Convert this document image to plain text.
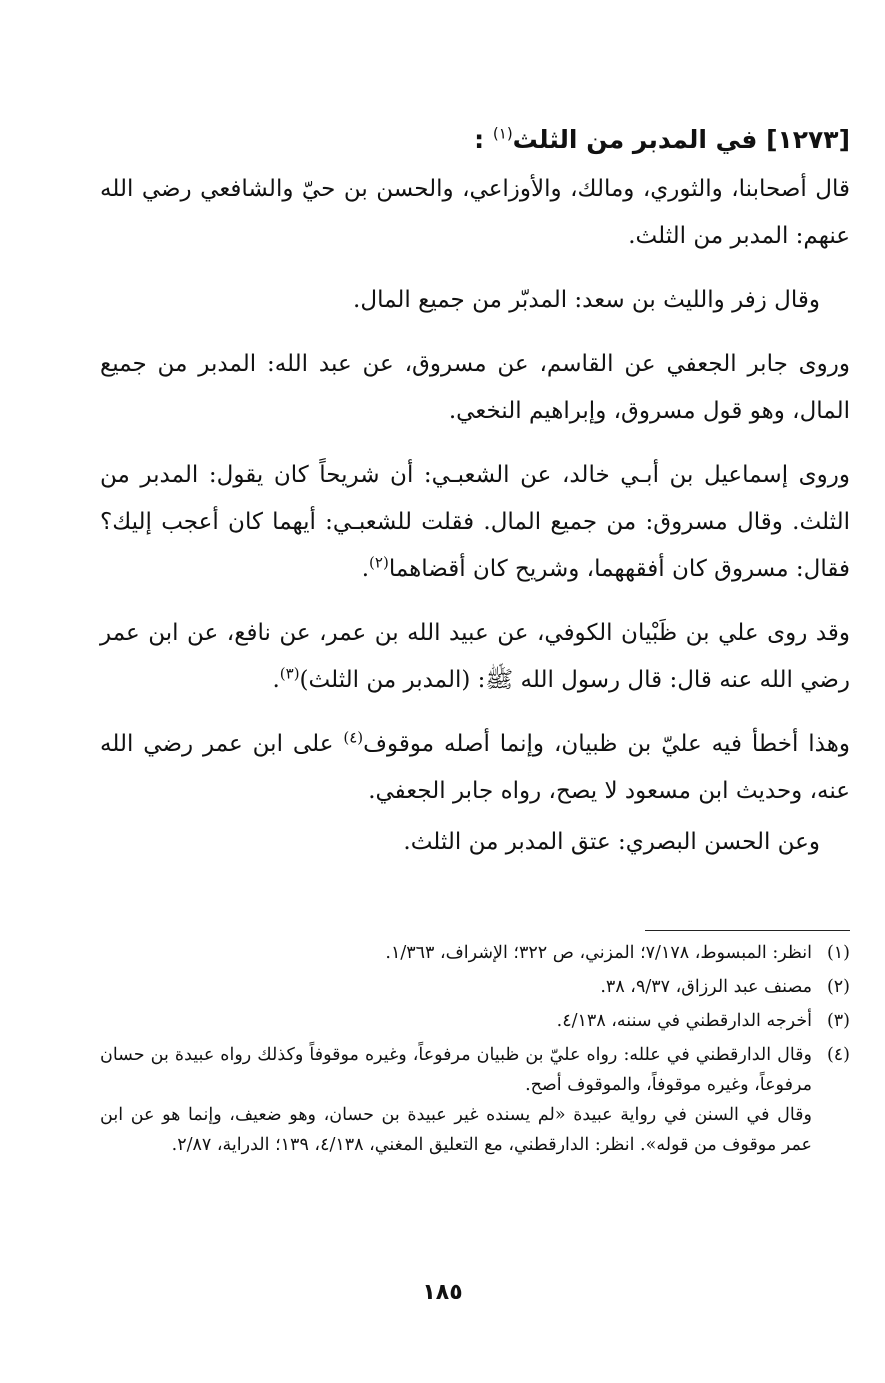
[١٢٧٣] في المدبر من الثلث$^{(١)}$ :

قال أصحابنا، والثوري، ومالك، والأوزاعي، والحسن بن حيّ والشافعي رضي الله عنهم: المدبر من الثلث.

وقال زفر والليث بن سعد: المدبّر من جميع المال.

وروى جابر الجعفي عن القاسم، عن مسروق، عن عبد الله: المدبر من جميع المال، وهو قول مسروق، وإبراهيم النخعي.

وروى إسماعيل بن أبـي خالد، عن الشعبـي: أن شريحاً كان يقول: المدبر من الثلث. وقال مسروق: من جميع المال. فقلت للشعبـي: أيهما كان أعجب إليك؟ فقال: مسروق كان أفقههما، وشريح كان أقضاهما$^{(٢)}$.

وقد روى علي بن ظَبْيان الكوفي، عن عبيد الله بن عمر، عن نافع، عن ابن عمر رضي الله عنه قال: قال رسول الله ﷺ: (المدبر من الثلث)$^{(٣)}$.

وهذا أخطأ فيه عليّ بن ظبيان، وإنما أصله موقوف$^{(٤)}$ على ابن عمر رضي الله عنه، وحديث ابن مسعود لا يصح، رواه جابر الجعفي.

وعن الحسن البصري: عتق المدبر من الثلث.

(١)

انظر: المبسوط، ٧/١٧٨؛ المزني، ص ٣٢٢؛ الإشراف، ١/٣٦٣.

(٢)

مصنف عبد الرزاق، ٩/٣٧، ٣٨.

(٣)

أخرجه الدارقطني في سننه، ٤/١٣٨.

(٤)

وقال الدارقطني في علله: رواه عليّ بن ظبيان مرفوعاً، وغيره موقوفاً وكذلك رواه عبيدة بن حسان مرفوعاً، وغيره موقوفاً، والموقوف أصح.

وقال في السنن في رواية عبيدة «لم يسنده غير عبيدة بن حسان، وهو ضعيف، وإنما هو عن ابن عمر موقوف من قوله». انظر: الدارقطني، مع التعليق المغني، ٤/١٣٨، ١٣٩؛ الدراية، ٢/٨٧.

١٨٥
